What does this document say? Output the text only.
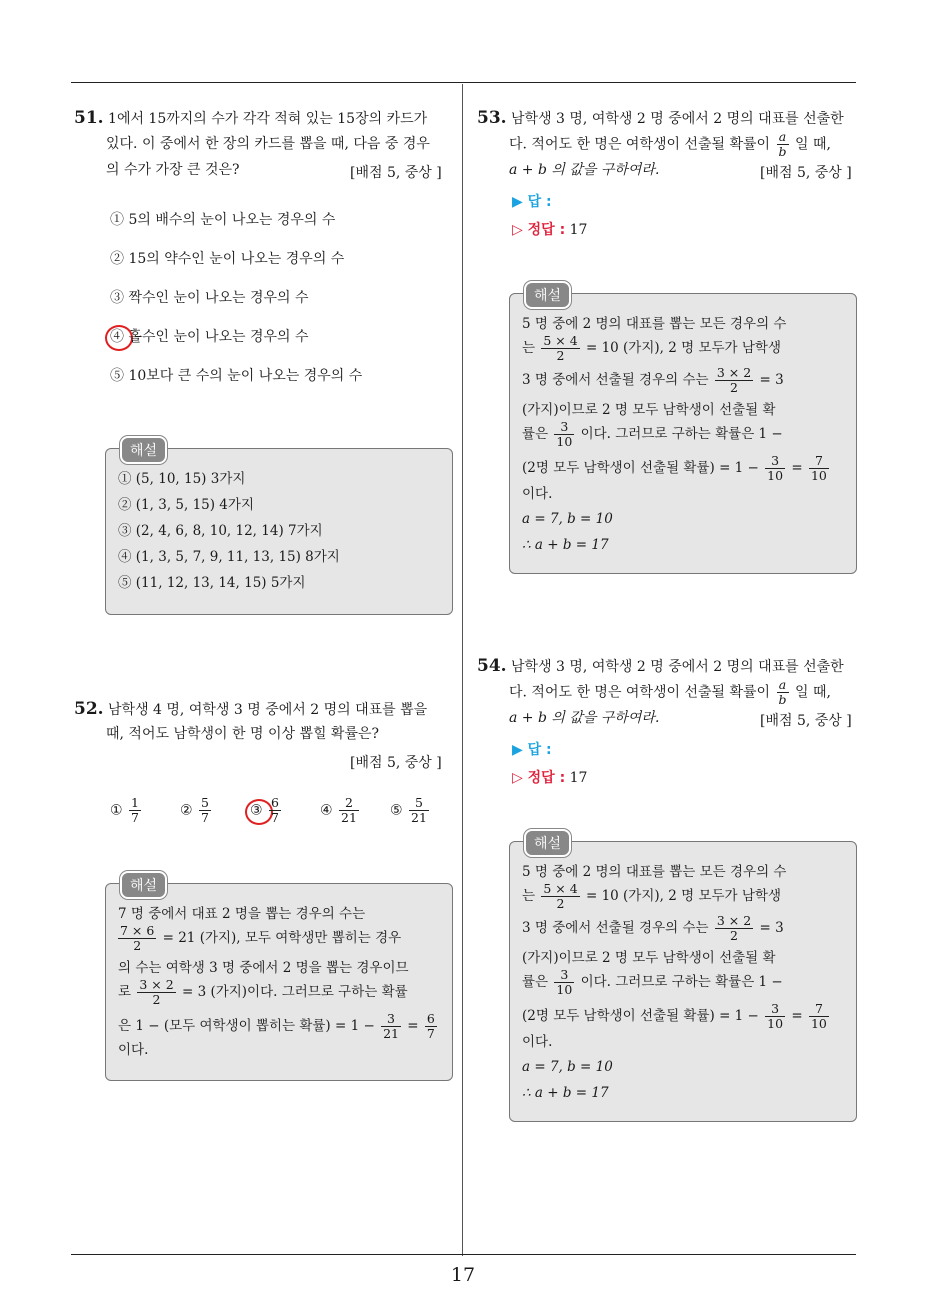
51. 1에서 15까지의 수가 각각 적혀 있는 15장의 카드가
있다. 이 중에서 한 장의 카드를 뽑을 때, 다음 중 경우
의 수가 가장 큰 것은?	[배점 5, 중상 ]
① 5의 배수의 눈이 나오는 경우의 수
② 15의 약수인 눈이 나오는 경우의 수
③ 짝수인 눈이 나오는 경우의 수
④ 홀수인 눈이 나오는 경우의 수
⑤ 10보다 큰 수의 눈이 나오는 경우의 수
해설
① (5, 10, 15) 3가지
② (1, 3, 5, 15) 4가지
③ (2, 4, 6, 8, 10, 12, 14) 7가지
④ (1, 3, 5, 7, 9, 11, 13, 15) 8가지
⑤ (11, 12, 13, 14, 15) 5가지
52. 남학생 4 명, 여학생 3 명 중에서 2 명의 대표를 뽑을
때, 적어도 남학생이 한 명 이상 뽑힐 확률은?
[배점 5, 중상 ]
① $\frac{1}{7}$	② $\frac{5}{7}$	③ $\frac{6}{7}$	④ $\frac{2}{21}$ ⑤ $\frac{5}{21}$
해설
7 명 중에서 대표 2 명을 뽑는 경우의 수는
$\frac{7 \times 6}{2} = 21$ (가지), 모두 여학생만 뽑히는 경우
의 수는 여학생 3 명 중에서 2 명을 뽑는 경우이므
로 $\frac{3 \times 2}{2} = 3$ (가지)이다. 그러므로 구하는 확률
은 1 − (모두 여학생이 뽑히는 확률) = $1 - \frac{3}{21} = \frac{6}{7}$
이다.
53. 남학생 3 명, 여학생 2 명 중에서 2 명의 대표를 선출한
다. 적어도 한 명은 여학생이 선출될 확률이 $\frac{a}{b}$ 일 때,
a + b 의 값을 구하여라.	[배점 5, 중상 ]
▶ 답 :
▷ 정답 : 17
해설
5 명 중에 2 명의 대표를 뽑는 모든 경우의 수
는 $\frac{5 \times 4}{2} = 10$ (가지), 2 명 모두가 남학생
3 명 중에서 선출될 경우의 수는 $\frac{3 \times 2}{2} = 3$
(가지)이므로 2 명 모두 남학생이 선출될 확
률은 $\frac{3}{10}$ 이다. 그러므로 구하는 확률은 1 −
(2명 모두 남학생이 선출될 확률) = $1 - \frac{3}{10} = \frac{7}{10}$
이다.
a = 7, b = 10
∴ a + b = 17
54. 남학생 3 명, 여학생 2 명 중에서 2 명의 대표를 선출한
다. 적어도 한 명은 여학생이 선출될 확률이 $\frac{a}{b}$ 일 때,
a + b 의 값을 구하여라.	[배점 5, 중상 ]
▶ 답 :
▷ 정답 : 17
해설
5 명 중에 2 명의 대표를 뽑는 모든 경우의 수
는 $\frac{5 \times 4}{2} = 10$ (가지), 2 명 모두가 남학생
3 명 중에서 선출될 경우의 수는 $\frac{3 \times 2}{2} = 3$
(가지)이므로 2 명 모두 남학생이 선출될 확
률은 $\frac{3}{10}$ 이다. 그러므로 구하는 확률은 1 −
(2명 모두 남학생이 선출될 확률) = $1 - \frac{3}{10} = \frac{7}{10}$
이다.
a = 7, b = 10
∴ a + b = 17
17
